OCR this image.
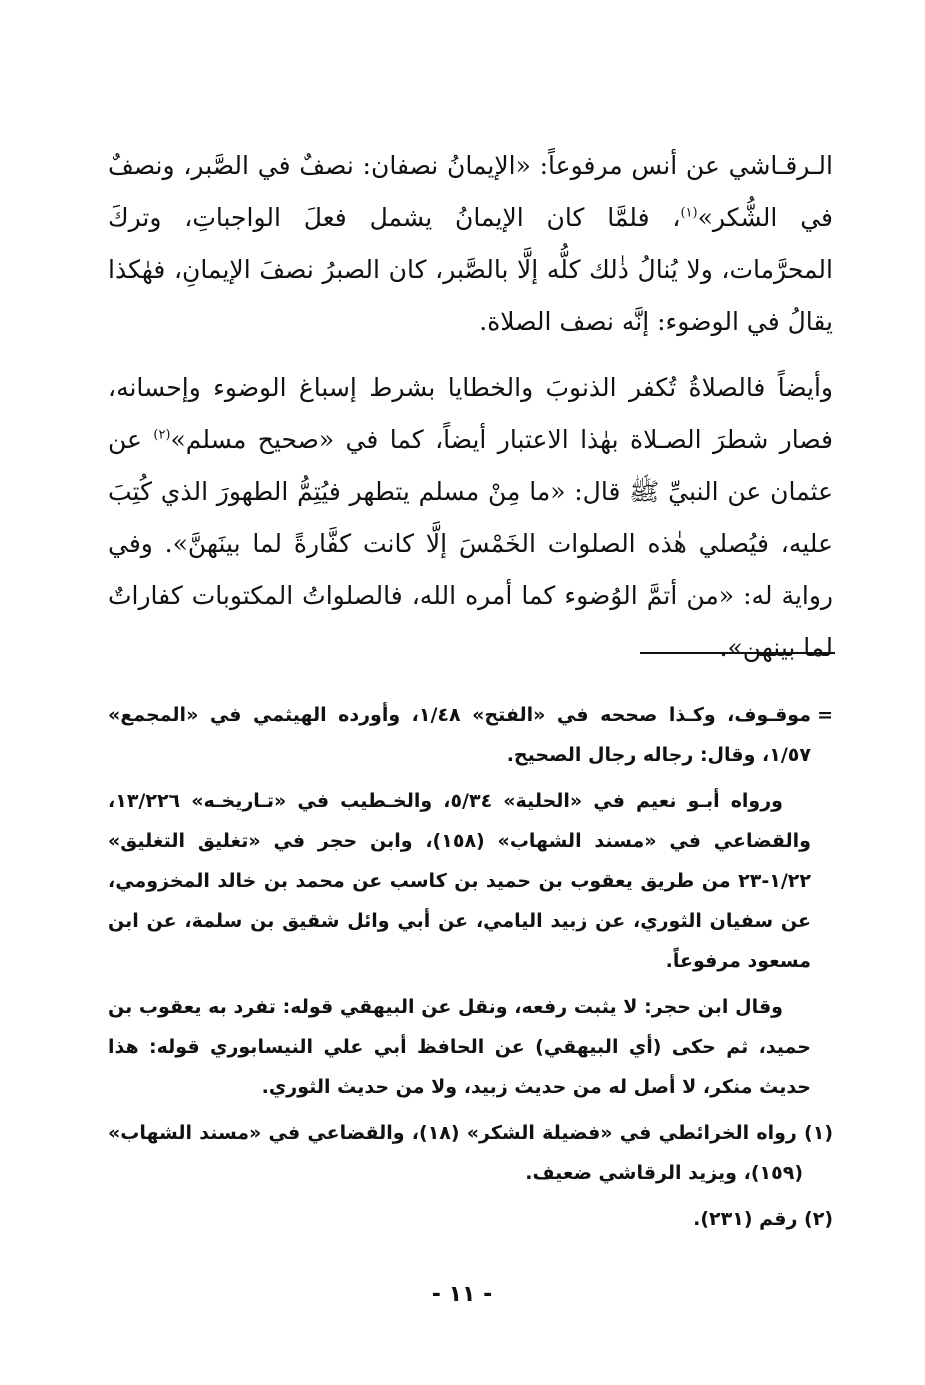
الـرقـاشي عن أنس مرفوعاً: «الإيمانُ نصفان: نصفٌ في الصَّبر، ونصفٌ في الشُّكر»$^{(١)}$، فلمَّا كان الإيمانُ يشمل فعلَ الواجباتِ، وتركَ المحرَّمات، ولا يُنالُ ذٰلك كلُّه إلَّا بالصَّبر، كان الصبرُ نصفَ الإيمانِ، فهٰكذا يقالُ في الوضوء: إنَّه نصف الصلاة.

وأيضاً فالصلاةُ تُكفر الذنوبَ والخطايا بشرط إسباغ الوضوء وإحسانه، فصار شطرَ الصـلاة بهٰذا الاعتبار أيضاً، كما في «صحيح مسلم»$^{(٢)}$ عن عثمان عن النبيِّ ﷺ قال: «ما مِنْ مسلم يتطهر فيُتِمُّ الطهورَ الذي كُتِبَ عليه، فيُصلي هٰذه الصلوات الخَمْسَ إلَّا كانت كفَّارةً لما بينَهنَّ». وفي رواية له: «من أتمَّ الوُضوء كما أمره الله، فالصلواتُ المكتوبات كفاراتٌ لما بينهن».

=
موقـوف، وكـذا صححه في «الفتح» ١/٤٨، وأورده الهيثمي في «المجمع» ١/٥٧، وقال: رجاله رجال الصحيح.

ورواه أبـو نعيم في «الحلية» ٥/٣٤، والخـطيب في «تـاريخـه» ١٣/٢٢٦، والقضاعي في «مسند الشهاب» (١٥٨)، وابن حجر في «تغليق التغليق» ١/٢٢-٢٣ من طريق يعقوب بن حميد بن كاسب عن محمد بن خالد المخزومي، عن سفيان الثوري، عن زبيد اليامي، عن أبي وائل شقيق بن سلمة، عن ابن مسعود مرفوعاً.

وقال ابن حجر: لا يثبت رفعه، ونقل عن البيهقي قوله: تفرد به يعقوب بن حميد، ثم حكى (أي البيهقي) عن الحافظ أبي علي النيسابوري قوله: هذا حديث منكر، لا أصل له من حديث زبيد، ولا من حديث الثوري.

(١) رواه الخرائطي في «فضيلة الشكر» (١٨)، والقضاعي في «مسند الشهاب» (١٥٩)، ويزيد الرقاشي ضعيف.

(٢) رقم (٢٣١).

- ١١ -
